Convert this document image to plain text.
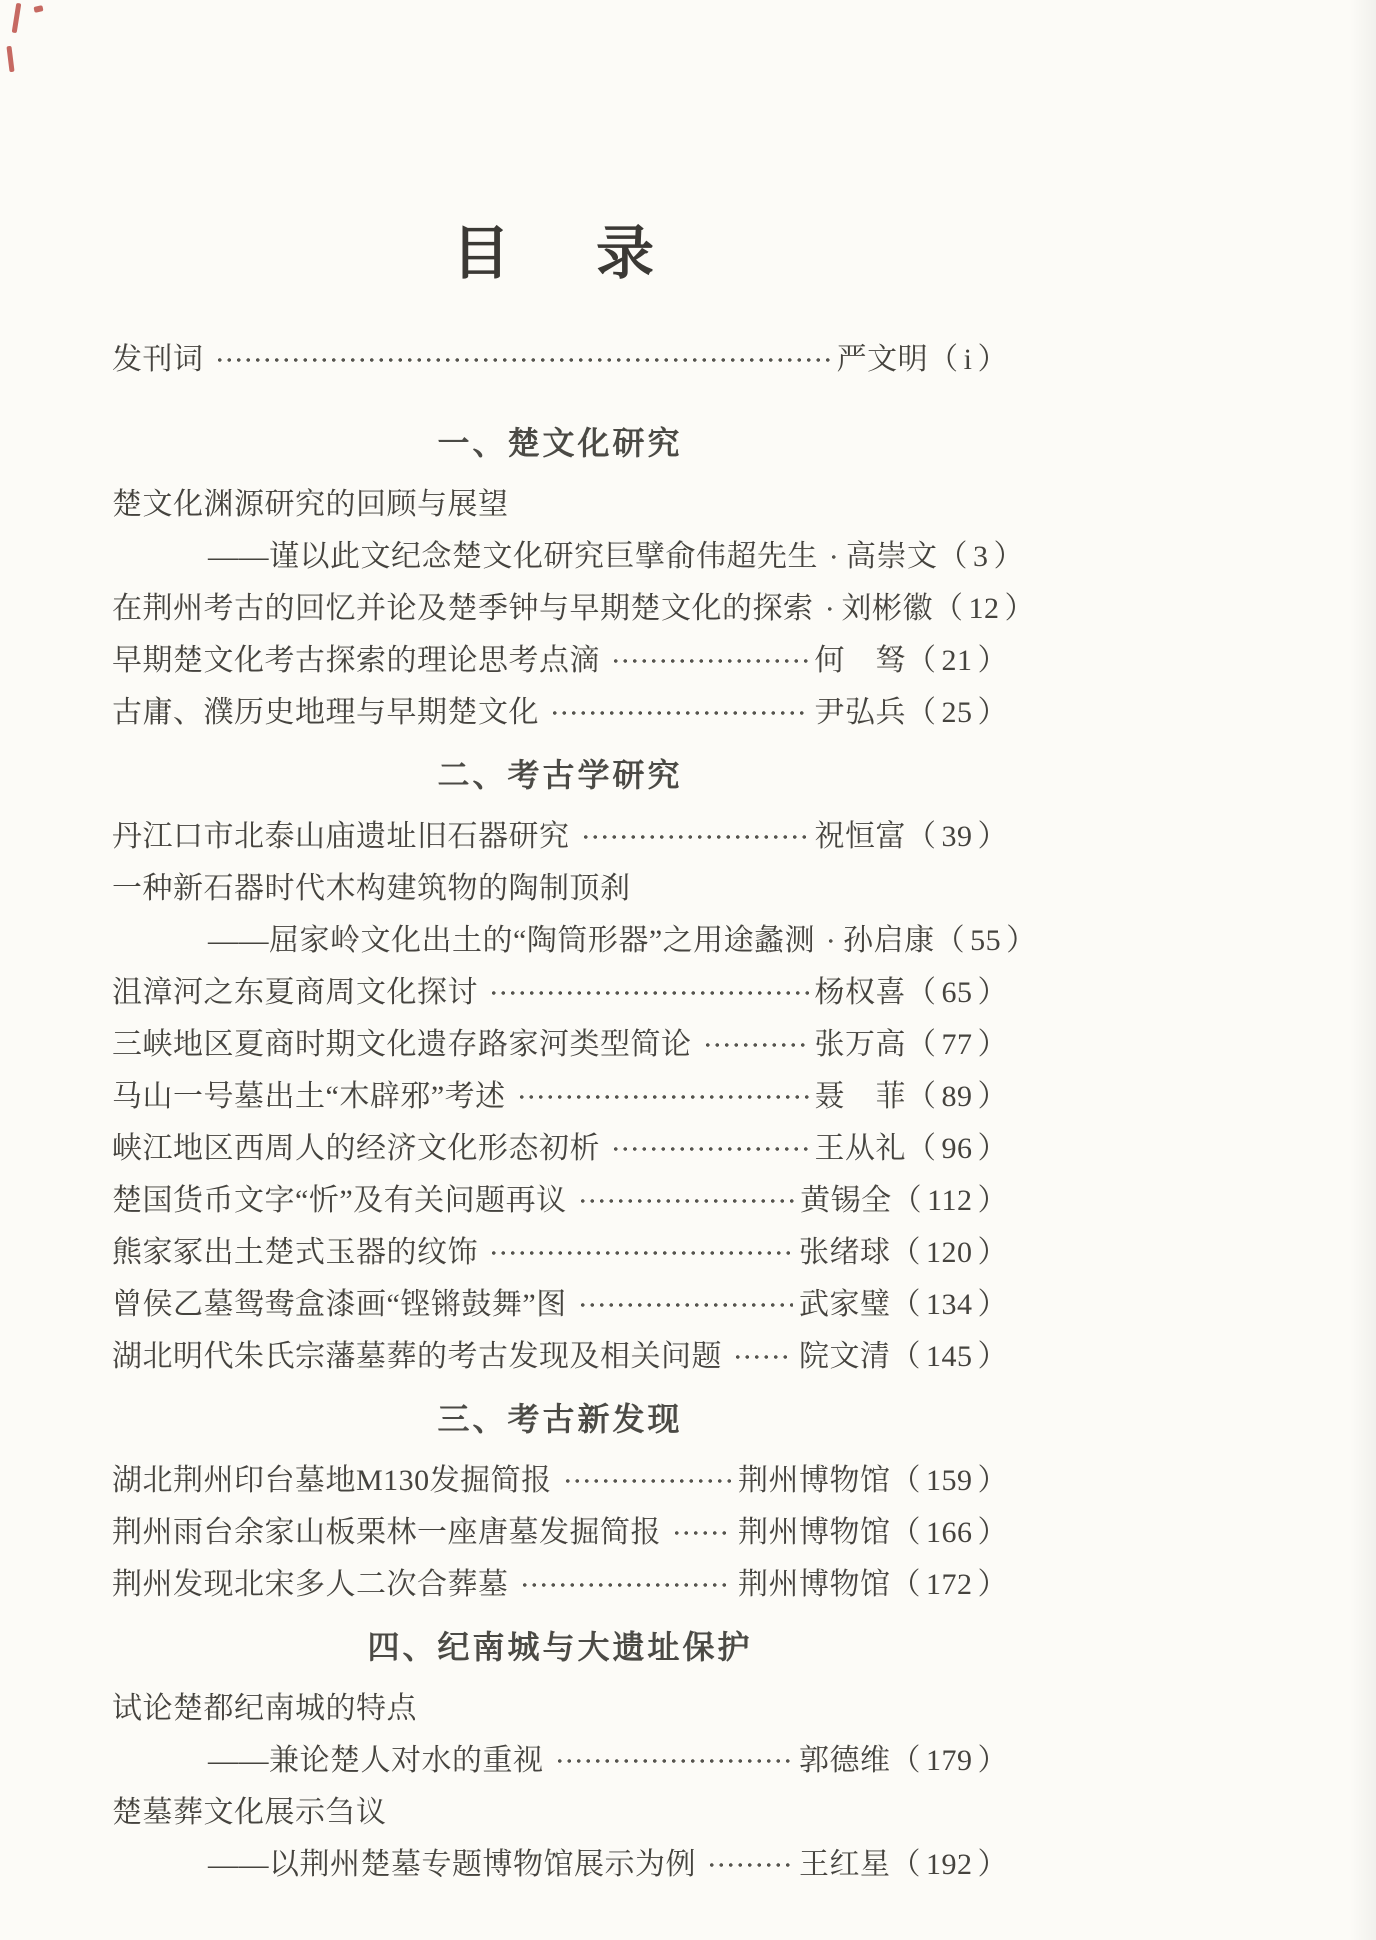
目　录
发刊词	严文明（ i ）
一、楚文化研究
楚文化渊源研究的回顾与展望
——谨以此文纪念楚文化研究巨擘俞伟超先生 高崇文（ 3 ）
在荆州考古的回忆并论及楚季钟与早期楚文化的探索 刘彬徽（ 12 ）
早期楚文化考古探索的理论思考点滴	何　驽（ 21 ）
古庸、濮历史地理与早期楚文化	尹弘兵（ 25 ）
二、考古学研究
丹江口市北泰山庙遗址旧石器研究	祝恒富（ 39 ）
一种新石器时代木构建筑物的陶制顶刹
——屈家岭文化出土的“陶筒形器”之用途蠡测 孙启康（ 55 ）
沮漳河之东夏商周文化探讨	杨权喜（ 65 ）
三峡地区夏商时期文化遗存路家河类型简论	张万高（ 77 ）
马山一号墓出土“木辟邪”考述	聂　菲（ 89 ）
峡江地区西周人的经济文化形态初析	王从礼（ 96 ）
楚国货币文字“忻”及有关问题再议	黄锡全（ 112 ）
熊家冢出土楚式玉器的纹饰	张绪球（ 120 ）
曾侯乙墓鸳鸯盒漆画“铿锵鼓舞”图	武家璧（ 134 ）
湖北明代朱氏宗藩墓葬的考古发现及相关问题	院文清（ 145 ）
三、考古新发现
湖北荆州印台墓地M130发掘简报	荆州博物馆（ 159 ）
荆州雨台余家山板栗林一座唐墓发掘简报	荆州博物馆（ 166 ）
荆州发现北宋多人二次合葬墓	荆州博物馆（ 172 ）
四、纪南城与大遗址保护
试论楚都纪南城的特点
——兼论楚人对水的重视	郭德维（ 179 ）
楚墓葬文化展示刍议
——以荆州楚墓专题博物馆展示为例	王红星（ 192 ）
